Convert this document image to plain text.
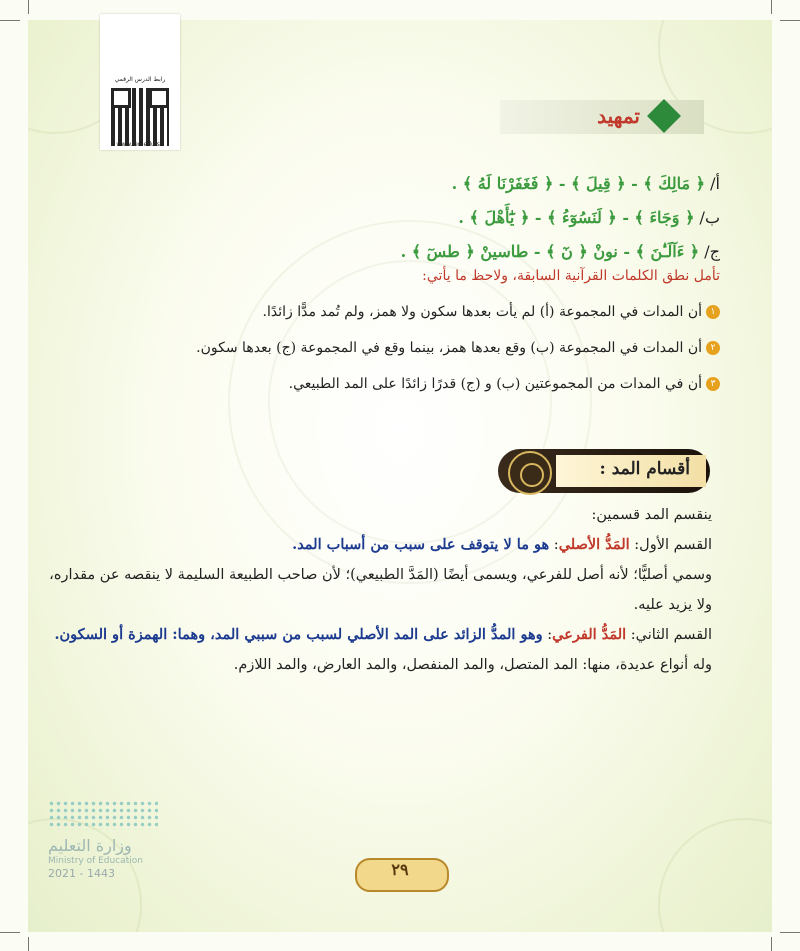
رابط الدرس الرقمي
www.ien.edu.sa
تمهيد
أ/ ﴿ مَالِكَ ﴾ - ﴿ قِيلَ ﴾ - ﴿ فَغَفَرْنَا لَهُ ﴾ .
ب/ ﴿ وَجَاءَ ﴾ - ﴿ لَنَسُوٓءُ ﴾ - ﴿ يَٰٓأَهْلَ ﴾ .
ج/ ﴿ ءَآلَـٰٔنَ ﴾ - نونْ ﴿ نٓ ﴾ - طاسينْ ﴿ طسٓ ﴾ .
تأمل نطق الكلمات القرآنية السابقة، ولاحظ ما يأتي:
١أن المدات في المجموعة (أ) لم يأت بعدها سكون ولا همز، ولم تُمد مدًّا زائدًا.
٢أن المدات في المجموعة (ب) وقع بعدها همز، بينما وقع في المجموعة (ج) بعدها سكون.
٣أن في المدات من المجموعتين (ب) و (ج) قدرًا زائدًا على المد الطبيعي.
أقسام المد :
ينقسم المد قسمين:
القسم الأول: المَدُّ الأصلي: هو ما لا يتوقف على سبب من أسباب المد.
وسمي أصليًّا؛ لأنه أصل للفرعي، ويسمى أيضًا (المَدَّ الطبيعي)؛ لأن صاحب الطبيعة السليمة لا ينقصه عن مقداره، ولا يزيد عليه.
القسم الثاني: المَدُّ الفرعي: وهو المدُّ الزائد على المد الأصلي لسبب من سببي المد، وهما: الهمزة أو السكون.
وله أنواع عديدة، منها: المد المتصل، والمد المنفصل، والمد العارض، والمد اللازم.
وزارة التعليم
Ministry of Education
2021 - 1443	٢٩
